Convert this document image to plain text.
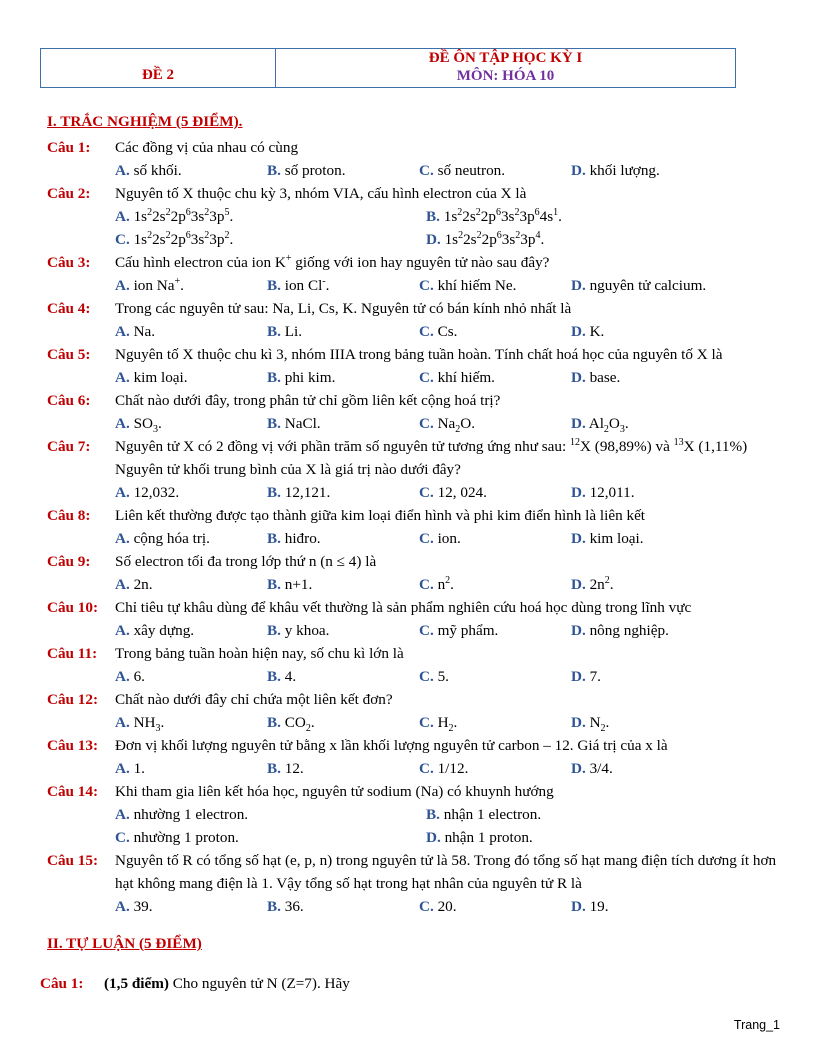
ĐỀ 2
ĐỀ ÔN TẬP HỌC KỲ I
MÔN: HÓA 10
I. TRẮC NGHIỆM (5 ĐIỂM).
Câu 1:	Các đồng vị của nhau có cùng
A. số khối.	B. số proton.	C. số neutron.	D. khối lượng.
Câu 2:	Nguyên tố X thuộc chu kỳ 3, nhóm VIA, cấu hình electron của X là
A. $1s^22s^22p^63s^23p^5$.	B. $1s^22s^22p^63s^23p^64s^1$.
C. $1s^22s^22p^63s^23p^2$.	D. $1s^22s^22p^63s^23p^4$.
Câu 3:	Cấu hình electron của ion K+ giống với ion hay nguyên tử nào sau đây?
A. ion Na+.	B. ion Cl-.	C. khí hiếm Ne.	D. nguyên tử calcium.
Câu 4:	Trong các nguyên tử sau: Na, Li, Cs, K. Nguyên tử có bán kính nhỏ nhất là
A. Na.	B. Li.	C. Cs.	D. K.
Câu 5:	Nguyên tố X thuộc chu kì 3, nhóm IIIA trong bảng tuần hoàn. Tính chất hoá học của nguyên tố X là
A. kim loại.	B. phi kim.	C. khí hiếm.	D. base.
Câu 6:	Chất nào dưới đây, trong phân tử chỉ gồm liên kết cộng hoá trị?
A. $SO_3$.	B. NaCl.	C. $Na_2O$.	D. $Al_2O_3$.
Câu 7:	Nguyên tử X có 2 đồng vị với phần trăm số nguyên tử tương ứng như sau: $^{12}$X (98,89%) và $^{13}$X (1,11%) Nguyên tử khối trung bình của X là giá trị nào dưới đây?
A. 12,032.	B. 12,121.	C. 12, 024.	D. 12,011.
Câu 8:	Liên kết thường được tạo thành giữa kim loại điển hình và phi kim điển hình là liên kết
A. cộng hóa trị.	B. hiđro.	C. ion.	D. kim loại.
Câu 9:	Số electron tối đa trong lớp thứ n (n ≤ 4) là
A. 2n.	B. n+1.	C. $n^2$.	D. $2n^2$.
Câu 10:	Chỉ tiêu tự khâu dùng để khâu vết thường là sản phẩm nghiên cứu hoá học dùng trong lĩnh vực
A. xây dựng.	B. y khoa.	C. mỹ phẩm.	D. nông nghiệp.
Câu 11:	Trong bảng tuần hoàn hiện nay, số chu kì lớn là
A. 6.	B. 4.	C. 5.	D. 7.
Câu 12:	Chất nào dưới đây chỉ chứa một liên kết đơn?
A. $NH_3$.	B. $CO_2$.	C. $H_2$.	D. $N_2$.
Câu 13:	Đơn vị khối lượng nguyên tử bằng x lần khối lượng nguyên tử carbon – 12. Giá trị của x là
A. 1.	B. 12.	C. 1/12.	D. 3/4.
Câu 14:	Khi tham gia liên kết hóa học, nguyên tử sodium (Na) có khuynh hướng
A. nhường 1 electron.	B. nhận 1 electron.
C. nhường 1 proton.	D. nhận 1 proton.
Câu 15:	Nguyên tố R có tổng số hạt (e, p, n) trong nguyên tử là 58. Trong đó tổng số hạt mang điện tích dương ít hơn hạt không mang điện là 1. Vậy tổng số hạt trong hạt nhân của nguyên tử R là
A. 39.	B. 36.	C. 20.	D. 19.
II. TỰ LUẬN (5 ĐIỂM)
Câu 1:	(1,5 điểm) Cho nguyên tử N (Z=7). Hãy
Trang_1
